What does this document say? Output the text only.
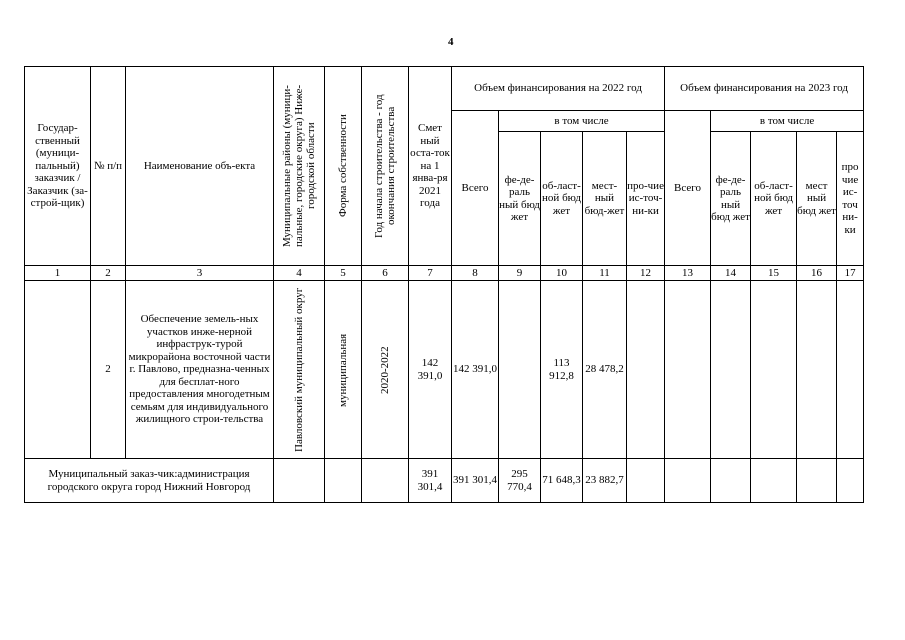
4
Государ-ственный (муници-пальный) заказчик / Заказчик (за-строй-щик)	№ п/п	Наименование объ-екта	Муниципальные районы (муници-пальные, городские округа) Ниже-городской области	Форма собственности	Год начала строительства - год окончания строительства	Смет ный оста-ток на 1 янва-ря 2021 года	Объем финансирования на 2022 год					Объем финансирования на 2023 год				
							Всего	в том числе				Всего	в том числе			
								фе-де-раль ный бюд жет	об-ласт-ной бюд жет	мест-ный бюд-жет	про-чие ис-точ-ни-ки		фе-де-раль ный бюд жет	об-ласт-ной бюд жет	мест ный бюд жет	про чие ис-точ ни-ки
1	2	3	4	5	6	7	8	9	10	11	12	13	14	15	16	17
	2	Обеспечение земель-ных участков инже-нерной инфраструк-турой микрорайона восточной части г. Павлово, предназна-ченных для бесплат-ного предоставления многодетным семьям для индивидуального жилищного строи-тельства	Павловский муниципальный округ	муниципальная	2020-2022	142 391,0	142 391,0		113 912,8	28 478,2						
Муниципальный заказ-чик:администрация городского округа город Нижний Новгород						391 301,4	391 301,4	295 770,4	71 648,3	23 882,7						
